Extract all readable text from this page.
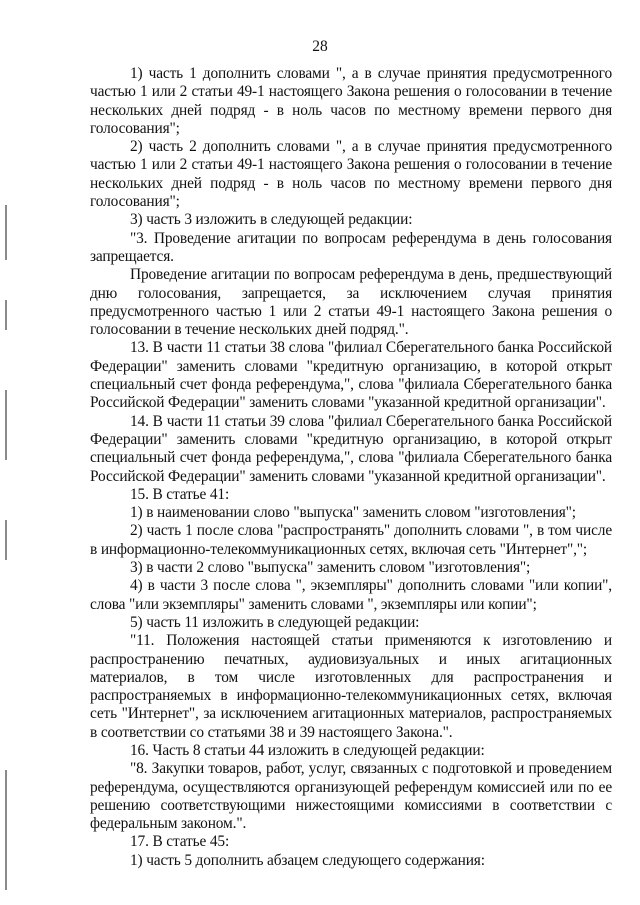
28

1) часть 1 дополнить словами ", а в случае принятия предусмотренного частью 1 или 2 статьи 49-1 настоящего Закона решения о голосовании в течение нескольких дней подряд - в ноль часов по местному времени первого дня голосования";

2) часть 2 дополнить словами ", а в случае принятия предусмотренного частью 1 или 2 статьи 49-1 настоящего Закона решения о голосовании в течение нескольких дней подряд - в ноль часов по местному времени первого дня голосования";

3) часть 3 изложить в следующей редакции:

"3. Проведение агитации по вопросам референдума в день голосования запрещается.

Проведение агитации по вопросам референдума в день, предшествующий дню голосования, запрещается, за исключением случая принятия предусмотренного частью 1 или 2 статьи 49-1 настоящего Закона решения о голосовании в течение нескольких дней подряд.".

13. В части 11 статьи 38 слова "филиал Сберегательного банка Российской Федерации" заменить словами "кредитную организацию, в которой открыт специальный счет фонда референдума,", слова "филиала Сберегательного банка Российской Федерации" заменить словами "указанной кредитной организации".

14. В части 11 статьи 39 слова "филиал Сберегательного банка Российской Федерации" заменить словами "кредитную организацию, в которой открыт специальный счет фонда референдума,", слова "филиала Сберегательного банка Российской Федерации" заменить словами "указанной кредитной организации".

15. В статье 41:

1) в наименовании слово "выпуска" заменить словом "изготовления";

2) часть 1 после слова "распространять" дополнить словами ", в том числе в информационно-телекоммуникационных сетях, включая сеть "Интернет",";

3) в части 2 слово "выпуска" заменить словом "изготовления";

4) в части 3 после слова ", экземпляры" дополнить словами "или копии", слова "или экземпляры" заменить словами ", экземпляры или копии";

5) часть 11 изложить в следующей редакции:

"11. Положения настоящей статьи применяются к изготовлению и распространению печатных, аудиовизуальных и иных агитационных материалов, в том числе изготовленных для распространения и распространяемых в информационно-телекоммуникационных сетях, включая сеть "Интернет", за исключением агитационных материалов, распространяемых в соответствии со статьями 38 и 39 настоящего Закона.".

16. Часть 8 статьи 44 изложить в следующей редакции:

"8. Закупки товаров, работ, услуг, связанных с подготовкой и проведением референдума, осуществляются организующей референдум комиссией или по ее решению соответствующими нижестоящими комиссиями в соответствии с федеральным законом.".

17. В статье 45:

1) часть 5 дополнить абзацем следующего содержания:
